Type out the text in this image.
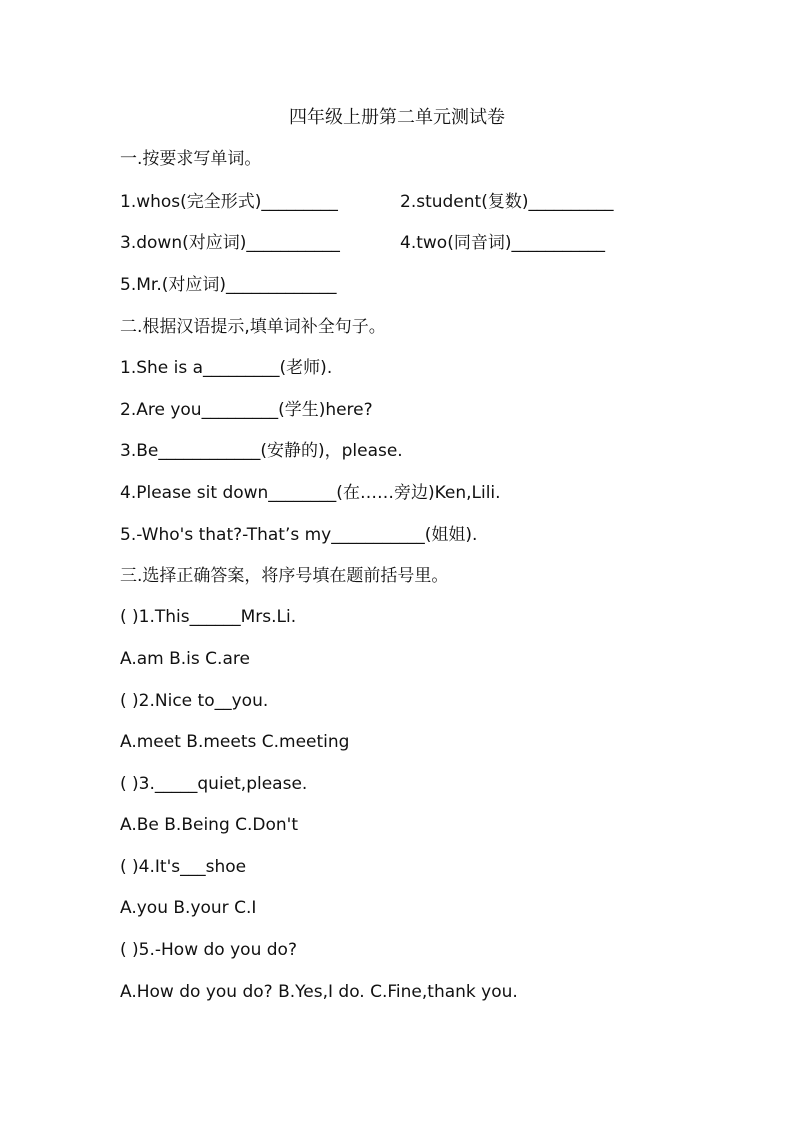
四年级上册第二单元测试卷
一.按要求写单词。
1.whos(完全形式)_________	2.student(复数)__________
3.down(对应词)___________	4.two(同音词)___________
5.Mr.(对应词)_____________
二.根据汉语提示,填单词补全句子。
1.She is a_________(老师).
2.Are you_________(学生)here?
3.Be____________(安静的)，please.
4.Please sit down________(在……旁边)Ken,Lili.
5.-Who's that?-That’s my___________(姐姐).
三.选择正确答案，将序号填在题前括号里。
( )1.This______Mrs.Li.
A.am B.is C.are
( )2.Nice to__you.
A.meet B.meets C.meeting
( )3._____quiet,please.
A.Be B.Being C.Don't
( )4.It's___shoe
A.you B.your C.I
( )5.-How do you do?
A.How do you do? B.Yes,I do. C.Fine,thank you.
